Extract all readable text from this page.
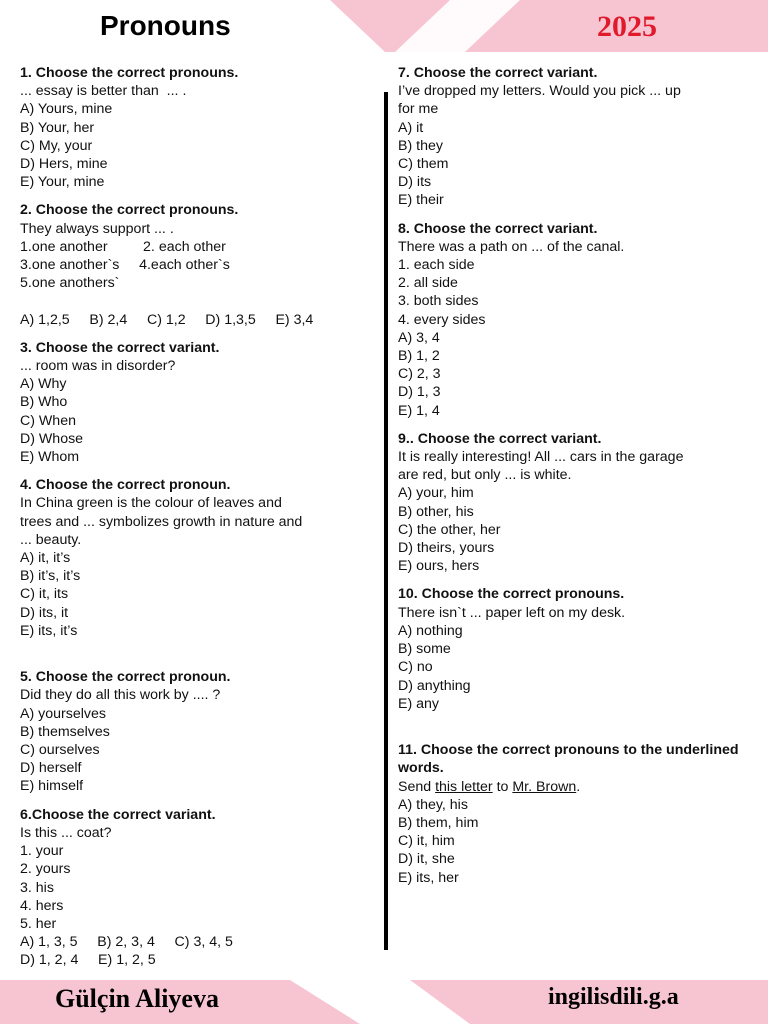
Pronouns	2025
1. Choose the correct pronouns.
... essay is better than  ... .
A) Yours, mine
B) Your, her
C) My, your
D) Hers, mine
E) Your, mine
2. Choose the correct pronouns.
They always support ... .
1.one another         2. each other
3.one another`s     4.each other`s
5.one anothers`
A) 1,2,5     B) 2,4     C) 1,2     D) 1,3,5     E) 3,4
3. Choose the correct variant.
... room was in disorder?
A) Why
B) Who
C) When
D) Whose
E) Whom
4. Choose the correct pronoun.
In China green is the colour of leaves and
trees and ... symbolizes growth in nature and
... beauty.
A) it, it’s
B) it’s, it’s
C) it, its
D) its, it
E) its, it’s
5. Choose the correct pronoun.
Did they do all this work by .... ?
A) yourselves
B) themselves
C) ourselves
D) herself
E) himself
6.Choose the correct variant.
Is this ... coat?
1. your
2. yours
3. his
4. hers
5. her
A) 1, 3, 5     B) 2, 3, 4     C) 3, 4, 5
D) 1, 2, 4     E) 1, 2, 5
7. Choose the correct variant.
I’ve dropped my letters. Would you pick ... up
for me
A) it
B) they
C) them
D) its
E) their
8. Choose the correct variant.
There was a path on ... of the canal.
1. each side
2. all side
3. both sides
4. every sides
A) 3, 4
B) 1, 2
C) 2, 3
D) 1, 3
E) 1, 4
9.. Choose the correct variant.
It is really interesting! All ... cars in the garage
are red, but only ... is white.
A) your, him
B) other, his
C) the other, her
D) theirs, yours
E) ours, hers
10. Choose the correct pronouns.
There isn`t ... paper left on my desk.
A) nothing
B) some
C) no
D) anything
E) any
11. Choose the correct pronouns to the underlined words.
Send this letter to Mr. Brown.
A) they, his
B) them, him
C) it, him
D) it, she
E) its, her
Gülçin Aliyeva	ingilisdili.g.a
